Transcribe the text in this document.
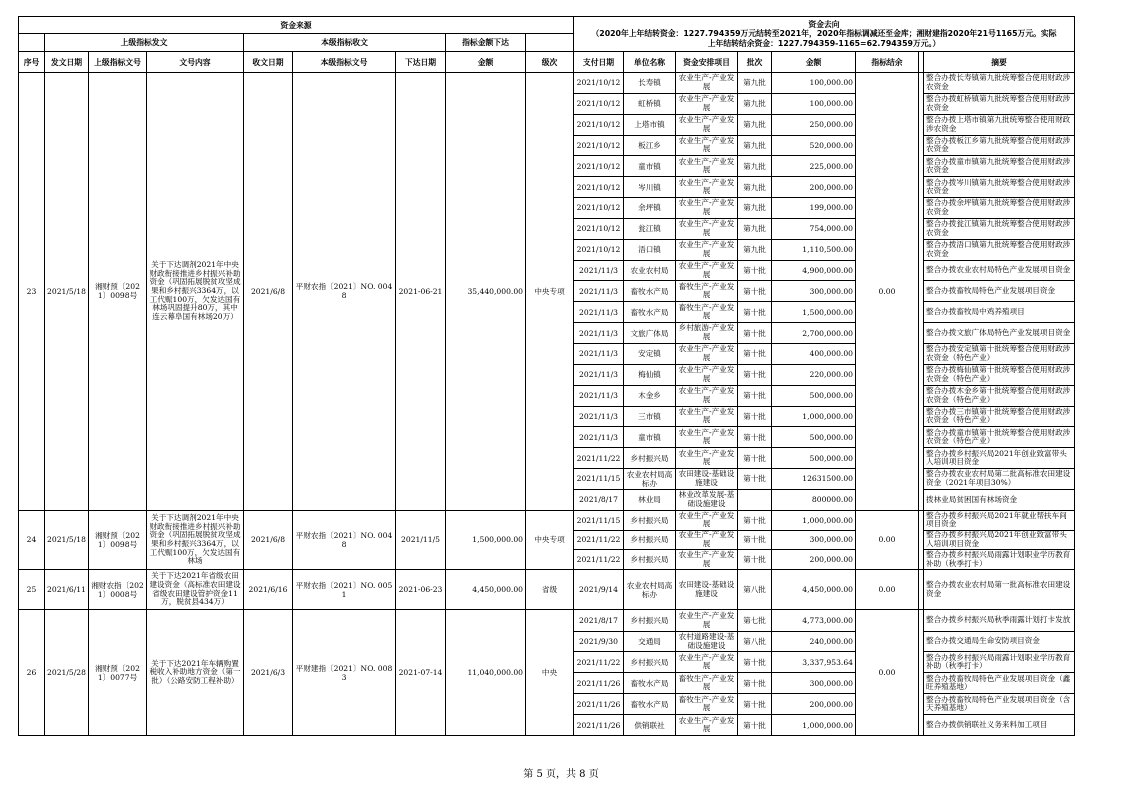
资金来源									资金去向
（2020年上年结转资金：1227.794359万元结转至2021年，2020年指标调减还至金库；湘财建指2020年21号1165万元。实际
上年结转结余资金：1227.794359-1165=62.794359万元。）							

	上级指标发文			本级指标收文			指标金额下达									
序号	发文日期	上级指标文号	文号内容	收文日期	本级指标文号	下达日期	金额	级次	支付日期	单位名称	资金安排项目	批次	金额	指标结余		摘要
23	2021/5/18	湘财预〔2021〕0098号	关于下达调剂2021年中央财政衔接推进乡村振兴补助资金（巩固拓展脱贫攻坚成果和乡村振兴3364万，以工代赈100万，欠发达国有林场巩固提升80万，其中连云幕阜国有林场20万）	2021/6/8	平财农指〔2021〕NO. 0048	2021-06-21	35,440,000.00	中央专项	2021/10/12	长寿镇	农业生产-产业发展	第九批	100,000.00	0.00		整合办拨长寿镇第九批统筹整合使用财政涉农资金
									2021/10/12	虹桥镇	农业生产-产业发展	第九批	100,000.00			整合办拨虹桥镇第九批统筹整合使用财政涉农资金
									2021/10/12	上塔市镇	农业生产-产业发展	第九批	250,000.00			整合办拨上塔市镇第九批统筹整合使用财政涉农资金
									2021/10/12	板江乡	农业生产-产业发展	第九批	520,000.00			整合办拨板江乡第九批统筹整合使用财政涉农资金
									2021/10/12	童市镇	农业生产-产业发展	第九批	225,000.00			整合办拨童市镇第九批统筹整合使用财政涉农资金
									2021/10/12	岑川镇	农业生产-产业发展	第九批	200,000.00			整合办拨岑川镇第九批统筹整合使用财政涉农资金
									2021/10/12	余坪镇	农业生产-产业发展	第九批	199,000.00			整合办拨余坪镇第九批统筹整合使用财政涉农资金
									2021/10/12	瓮江镇	农业生产-产业发展	第九批	754,000.00			整合办拨瓮江镇第九批统筹整合使用财政涉农资金
									2021/10/12	浯口镇	农业生产-产业发展	第九批	1,110,500.00			整合办拨浯口镇第九批统筹整合使用财政涉农资金
									2021/11/3	农业农村局	农业生产-产业发展	第十批	4,900,000.00			整合办拨农业农村局特色产业发展项目资金
									2021/11/3	畜牧水产局	畜牧生产-产业发展	第十批	300,000.00			整合办拨畜牧局特色产业发展项目资金
									2021/11/3	畜牧水产局	畜牧生产-产业发展	第十批	1,500,000.00			整合办拨畜牧局中鸡养殖项目
									2021/11/3	文旅广体局	乡村旅游-产业发展	第十批	2,700,000.00			整合办拨文旅广体局特色产业发展项目资金
									2021/11/3	安定镇	农业生产-产业发展	第十批	400,000.00			整合办拨安定镇第十批统筹整合使用财政涉农资金（特色产业）
									2021/11/3	梅仙镇	农业生产-产业发展	第十批	220,000.00			整合办拨梅仙镇第十批统筹整合使用财政涉农资金（特色产业）
									2021/11/3	木金乡	农业生产-产业发展	第十批	500,000.00			整合办拨木金乡第十批统筹整合使用财政涉农资金（特色产业）
									2021/11/3	三市镇	农业生产-产业发展	第十批	1,000,000.00			整合办拨三市镇第十批统筹整合使用财政涉农资金（特色产业）
									2021/11/3	童市镇	农业生产-产业发展	第十批	500,000.00			整合办拨童市镇第十批统筹整合使用财政涉农资金（特色产业）
									2021/11/22	乡村振兴局	农业生产-产业发展	第十批	500,000.00			整合办拨乡村振兴局2021年创业致富带头人培训项目资金
									2021/11/15	农业农村局高标办	农田建设-基础设施建设	第十批	12631500.00			整合办拨农业农村局第二批高标准农田建设资金（2021年项目30%）
									2021/8/17	林业局	林业改革发展-基础设施建设		800000.00			拨林业局贫困国有林场资金
24	2021/5/18	湘财预〔2021〕0098号	关于下达调剂2021年中央财政衔接推进乡村振兴补助资金（巩固拓展脱贫攻坚成果和乡村振兴3364万，以工代赈100万，欠发达国有林场	2021/6/8	平财农指〔2021〕NO. 0048	2021/11/5	1,500,000.00	中央专项	2021/11/15	乡村振兴局	农业生产-产业发展	第十批	1,000,000.00	0.00		整合办拨乡村振兴局2021年就业帮扶车间项目资金
									2021/11/22	乡村振兴局	农业生产-产业发展	第十批	300,000.00			整合办拨乡村振兴局2021年创业致富带头人培训项目资金
									2021/11/22	乡村振兴局	农业生产-产业发展	第十批	200,000.00			整合办拨乡村振兴局雨露计划职业学历教育补助（秋季打卡）
25	2021/6/11	湘财农指〔2021〕0008号	关于下达2021年省级农田建设资金（高标准农田建设省级农田建设管护资金11万，脱贫县434万）	2021/6/16	平财农指〔2021〕NO. 0051	2021-06-23	4,450,000.00	省级	2021/9/14	农业农村局高标办	农田建设-基础设施建设	第八批	4,450,000.00	0.00		整合办拨农业农村局第一批高标准农田建设资金
26	2021/5/28	湘财预〔2021〕0077号	关于下达2021年车辆购置税收入补助地方资金（第一批）（公路安防工程补助）	2021/6/3	平财建指〔2021〕NO. 0083	2021-07-14	11,040,000.00	中央	2021/8/17	乡村振兴局	农业生产-产业发展	第七批	4,773,000.00	0.00		整合办拨乡村振兴局秋季雨露计划打卡发放
									2021/9/30	交通局	农村道路建设-基础设施建设	第八批	240,000.00			整合办拨交通局生命安防项目资金
									2021/11/22	乡村振兴局	农业生产-产业发展	第十批	3,337,953.64			整合办拨乡村振兴局雨露计划职业学历教育补助（秋季打卡）
									2021/11/26	畜牧水产局	畜牧生产-产业发展	第十批	300,000.00			整合办拨畜牧局特色产业发展项目资金（鑫旺养殖基地）
									2021/11/26	畜牧水产局	畜牧生产-产业发展	第十批	200,000.00			整合办拨畜牧局特色产业发展项目资金（含天养殖基地）
									2021/11/26	供销联社	农业生产-产业发展	第十批	1,000,000.00			整合办拨供销联社义务来料加工项目
第 5 页，共 8 页
